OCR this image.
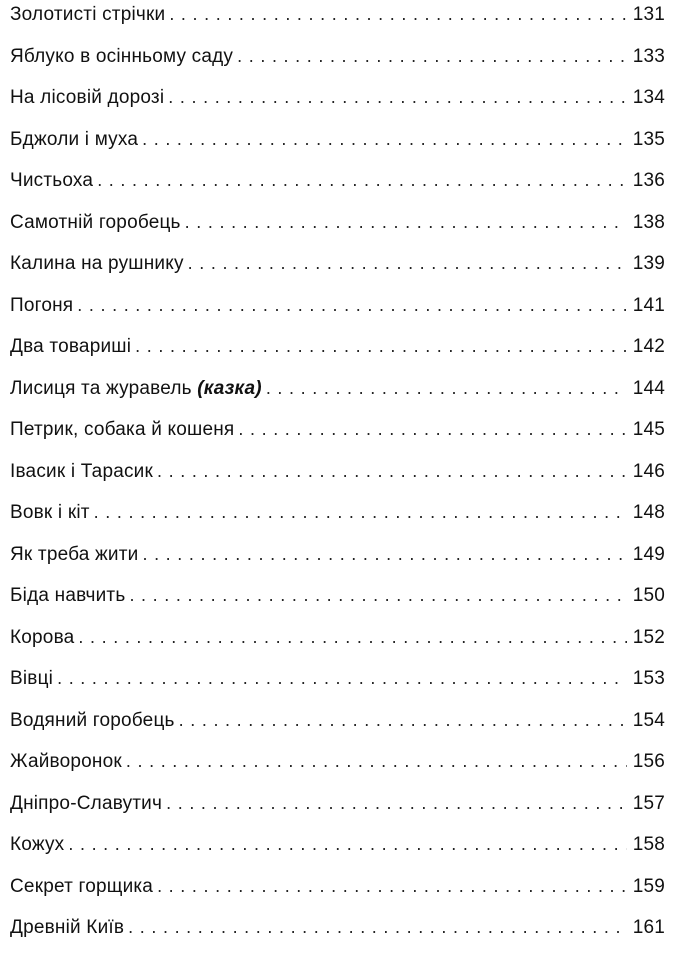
Золотисті стрічки . . .	131
Яблуко в осінньому саду . . .	133
На лісовій дорозі . . .	134
Бджоли і муха . . .	135
Чистьоха . . .	136
Самотній горобець . . .	138
Калина на рушнику . . .	139
Погоня . . .	141
Два товариші . . .	142
Лисиця та журавель (казка) . . .	144
Петрик, собака й кошеня . . .	145
Івасик і Тарасик . . .	146
Вовк і кіт . . .	148
Як треба жити . . .	149
Біда навчить . . .	150
Корова . . .	152
Вівці . . .	153
Водяний горобець . . .	154
Жайворонок . . .	156
Дніпро-Славутич . . .	157
Кожух . . .	158
Секрет горщика . . .	159
Древній Київ . . .	161
